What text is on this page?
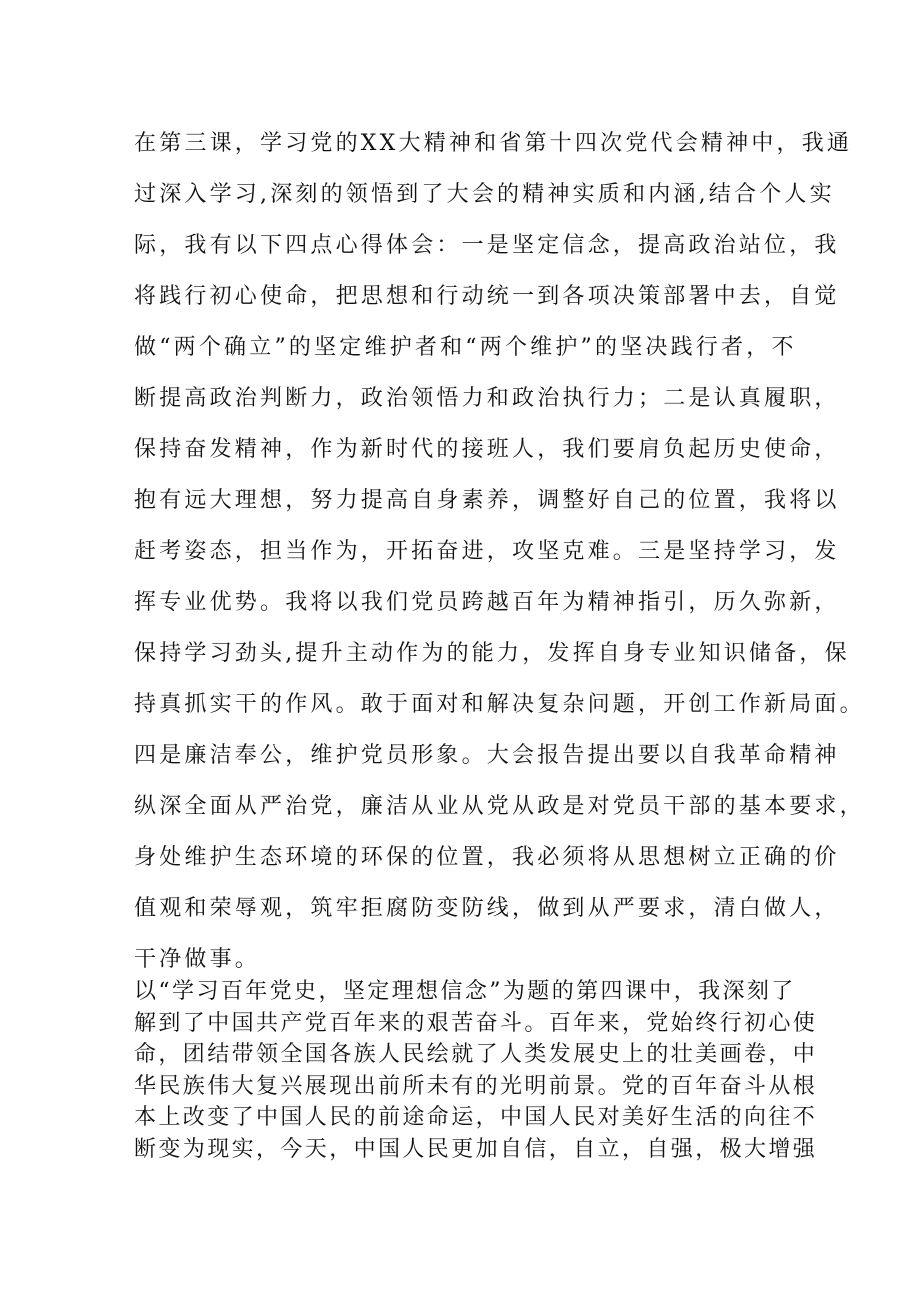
在第三课，学习党的XX大精神和省第十四次党代会精神中，我通
过深入学习,深刻的领悟到了大会的精神实质和内涵,结合个人实
际，我有以下四点心得体会：一是坚定信念，提高政治站位，我
将践行初心使命，把思想和行动统一到各项决策部署中去，自觉
做“两个确立”的坚定维护者和“两个维护”的坚决践行者，不
断提高政治判断力，政治领悟力和政治执行力；二是认真履职，
保持奋发精神，作为新时代的接班人，我们要肩负起历史使命，
抱有远大理想，努力提高自身素养，调整好自己的位置，我将以
赶考姿态，担当作为，开拓奋进，攻坚克难。三是坚持学习，发
挥专业优势。我将以我们党员跨越百年为精神指引，历久弥新，
保持学习劲头,提升主动作为的能力，发挥自身专业知识储备，保
持真抓实干的作风。敢于面对和解决复杂问题，开创工作新局面。
四是廉洁奉公，维护党员形象。大会报告提出要以自我革命精神
纵深全面从严治党，廉洁从业从党从政是对党员干部的基本要求，
身处维护生态环境的环保的位置，我必须将从思想树立正确的价
值观和荣辱观，筑牢拒腐防变防线，做到从严要求，清白做人，
干净做事。
以“学习百年党史，坚定理想信念”为题的第四课中，我深刻了
解到了中国共产党百年来的艰苦奋斗。百年来，党始终行初心使
命，团结带领全国各族人民绘就了人类发展史上的壮美画卷，中
华民族伟大复兴展现出前所未有的光明前景。党的百年奋斗从根
本上改变了中国人民的前途命运，中国人民对美好生活的向往不
断变为现实，今天，中国人民更加自信，自立，自强，极大增强
